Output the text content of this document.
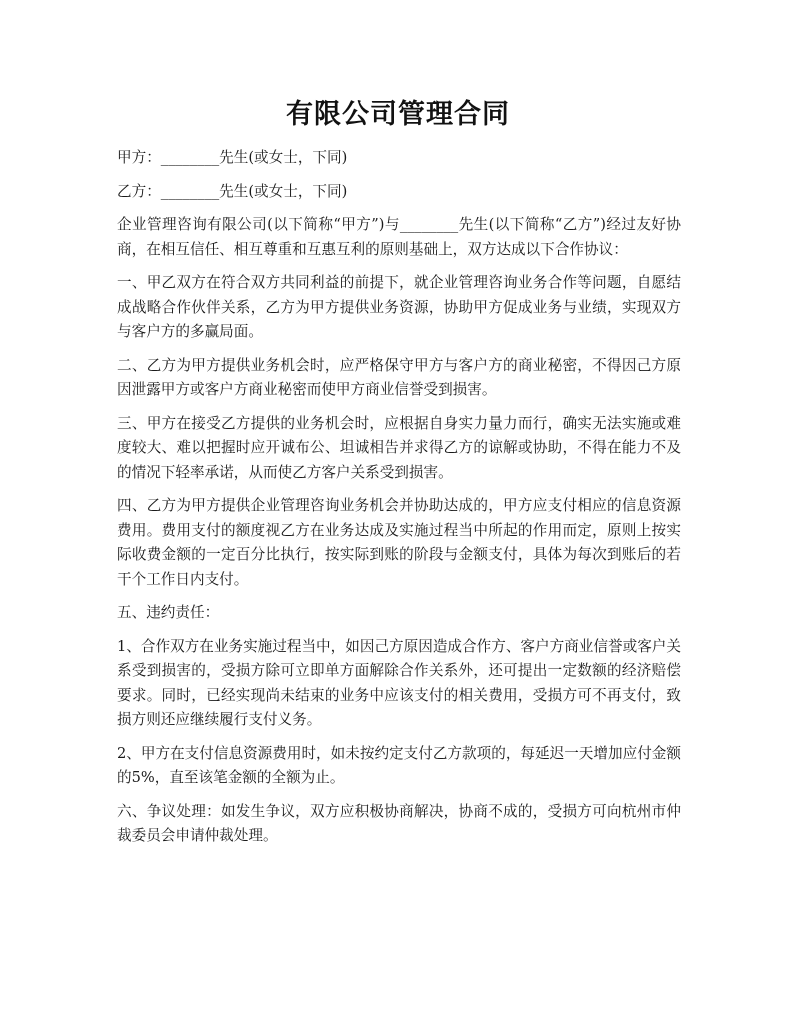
有限公司管理合同

甲方：________先生(或女士，下同)

乙方：________先生(或女士，下同)

企业管理咨询有限公司(以下简称“甲方”)与________先生(以下简称“乙方”)经过友好协商，在相互信任、相互尊重和互惠互利的原则基础上，双方达成以下合作协议：

一、甲乙双方在符合双方共同利益的前提下，就企业管理咨询业务合作等问题，自愿结成战略合作伙伴关系，乙方为甲方提供业务资源，协助甲方促成业务与业绩，实现双方与客户方的多赢局面。

二、乙方为甲方提供业务机会时，应严格保守甲方与客户方的商业秘密，不得因己方原因泄露甲方或客户方商业秘密而使甲方商业信誉受到损害。

三、甲方在接受乙方提供的业务机会时，应根据自身实力量力而行，确实无法实施或难度较大、难以把握时应开诚布公、坦诚相告并求得乙方的谅解或协助，不得在能力不及的情况下轻率承诺，从而使乙方客户关系受到损害。

四、乙方为甲方提供企业管理咨询业务机会并协助达成的，甲方应支付相应的信息资源费用。费用支付的额度视乙方在业务达成及实施过程当中所起的作用而定，原则上按实际收费金额的一定百分比执行，按实际到账的阶段与金额支付，具体为每次到账后的若干个工作日内支付。

五、违约责任：

1、合作双方在业务实施过程当中，如因己方原因造成合作方、客户方商业信誉或客户关系受到损害的，受损方除可立即单方面解除合作关系外，还可提出一定数额的经济赔偿要求。同时，已经实现尚未结束的业务中应该支付的相关费用，受损方可不再支付，致损方则还应继续履行支付义务。

2、甲方在支付信息资源费用时，如未按约定支付乙方款项的，每延迟一天增加应付金额的5%，直至该笔金额的全额为止。

六、争议处理：如发生争议，双方应积极协商解决，协商不成的，受损方可向杭州市仲裁委员会申请仲裁处理。
